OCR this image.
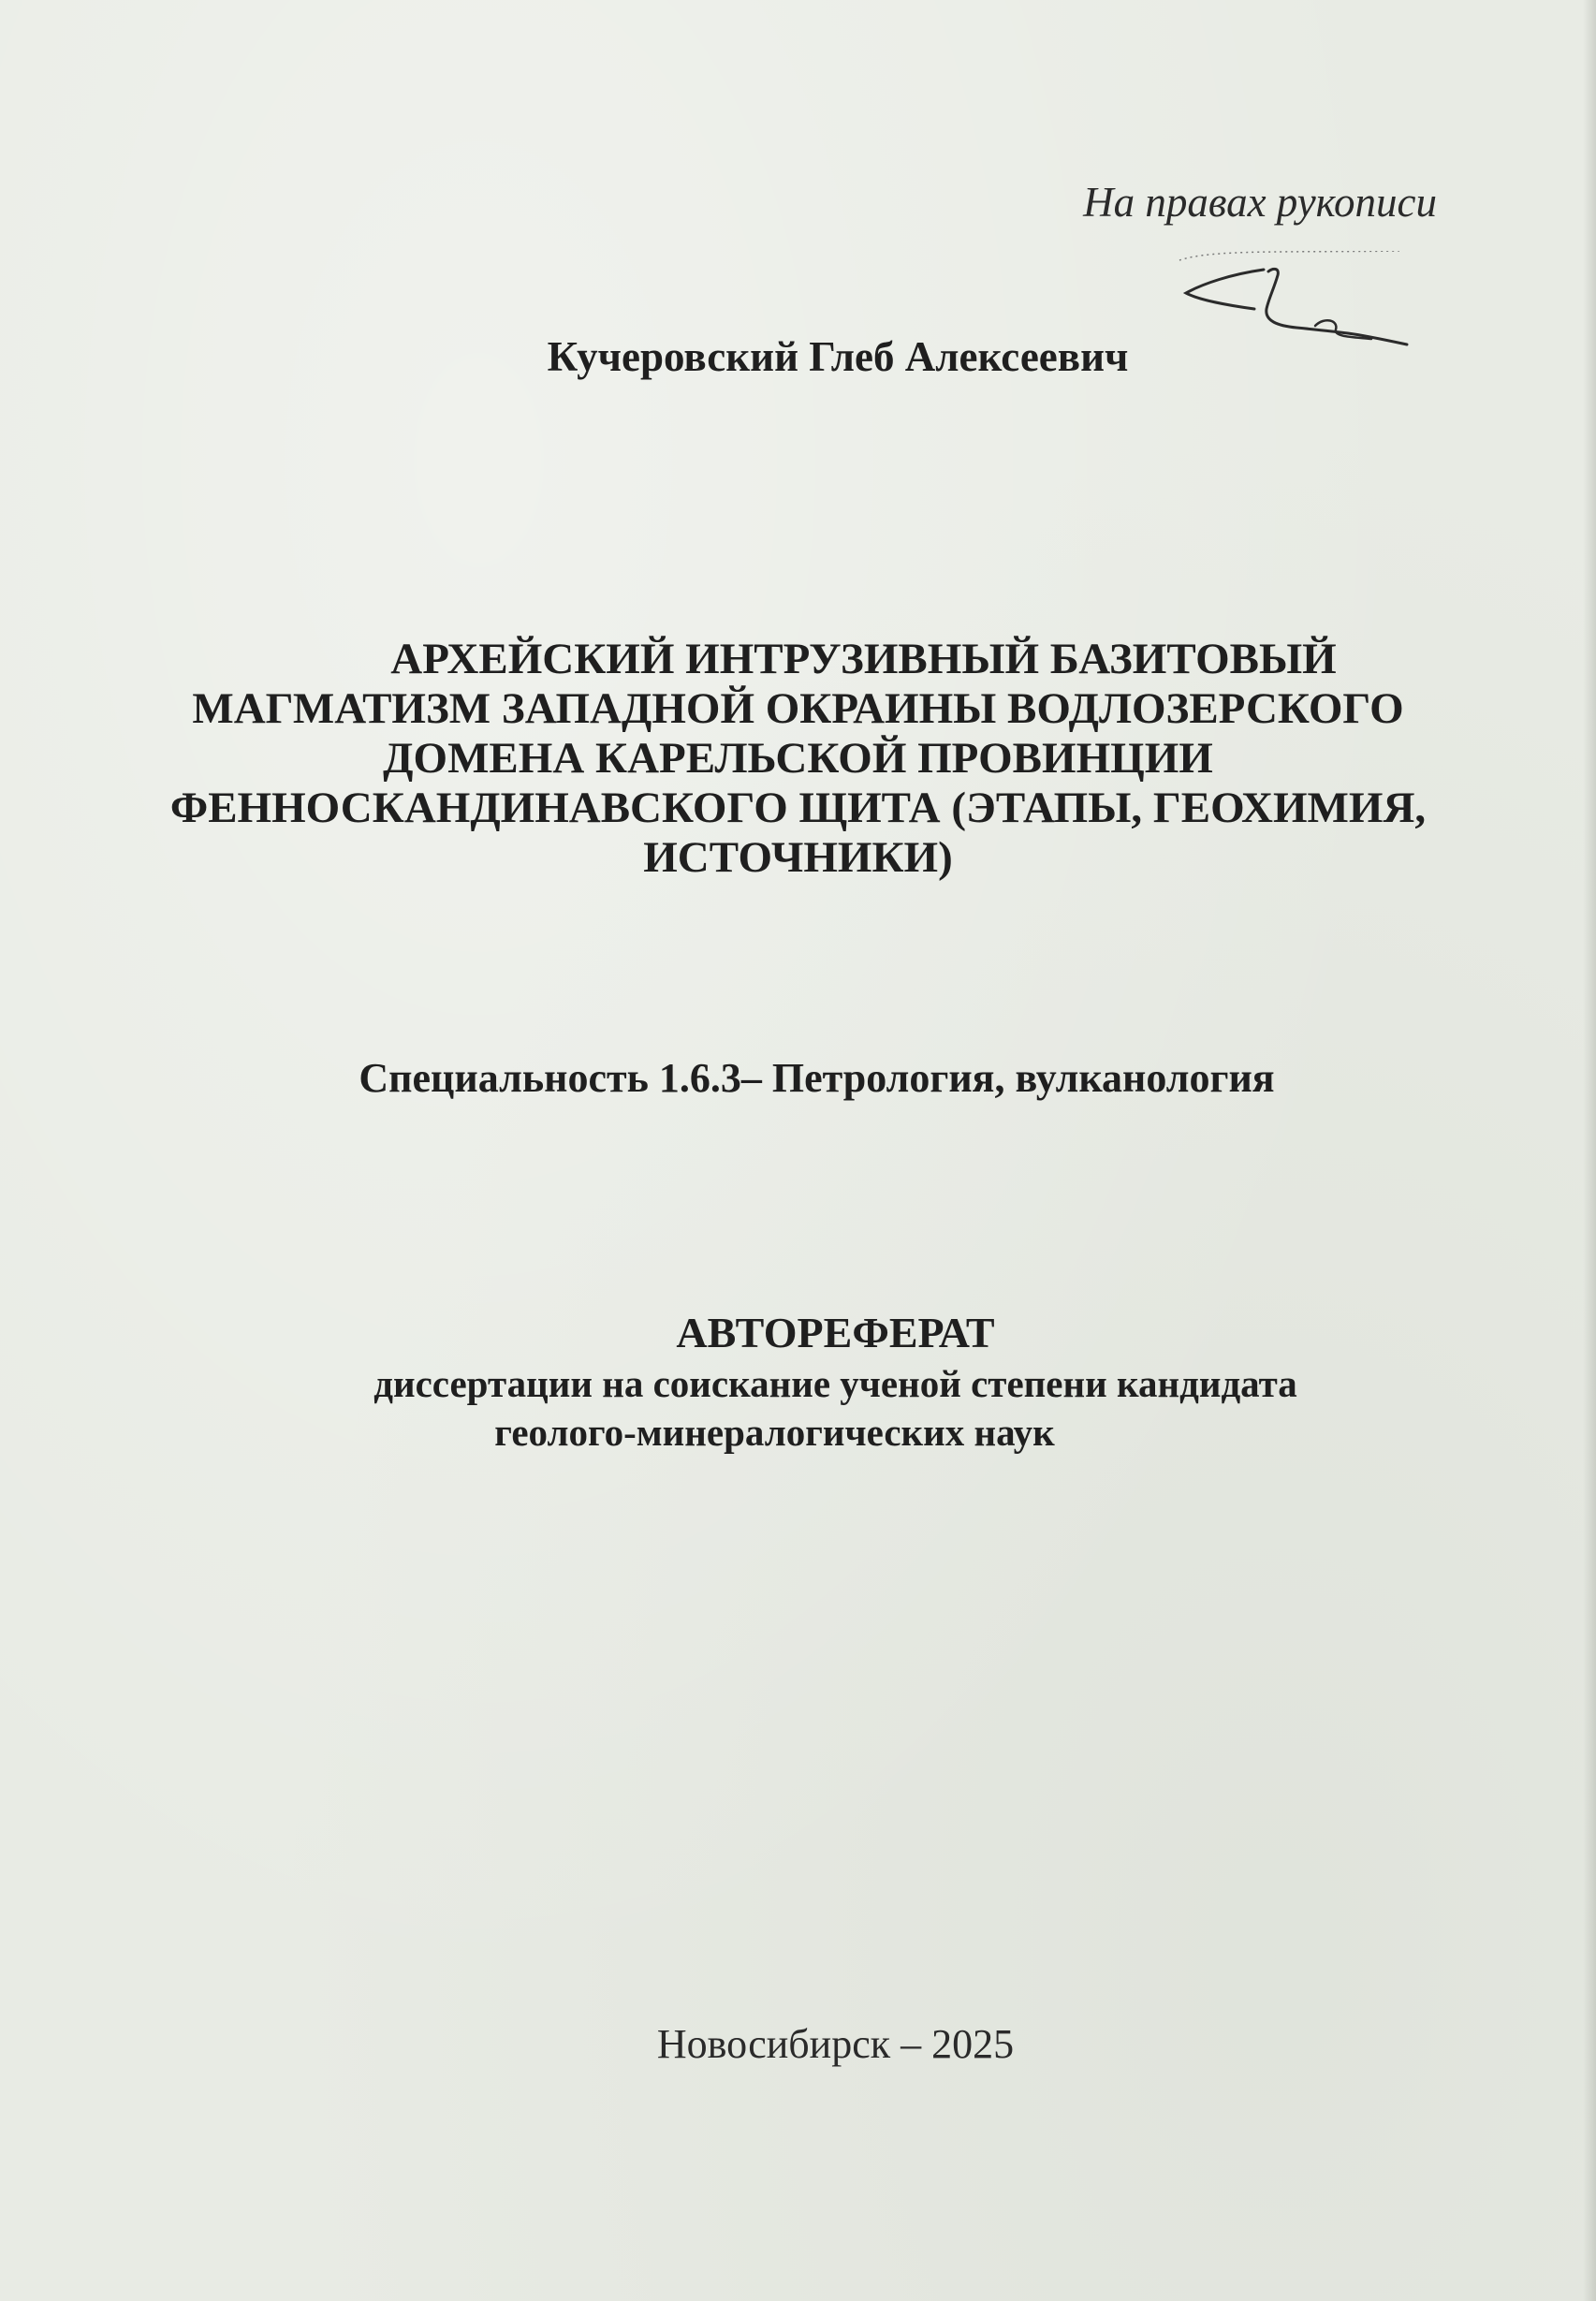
На правах рукописи
Кучеровский Глеб Алексеевич
АРХЕЙСКИЙ ИНТРУЗИВНЫЙ БАЗИТОВЫЙ
МАГМАТИЗМ ЗАПАДНОЙ ОКРАИНЫ ВОДЛОЗЕРСКОГО
ДОМЕНА КАРЕЛЬСКОЙ ПРОВИНЦИИ
ФЕННОСКАНДИНАВСКОГО ЩИТА (ЭТАПЫ, ГЕОХИМИЯ,
ИСТОЧНИКИ)
Специальность 1.6.3– Петрология, вулканология
АВТОРЕФЕРАТ
диссертации на соискание ученой степени кандидата
геолого-минералогических наук
Новосибирск – 2025
